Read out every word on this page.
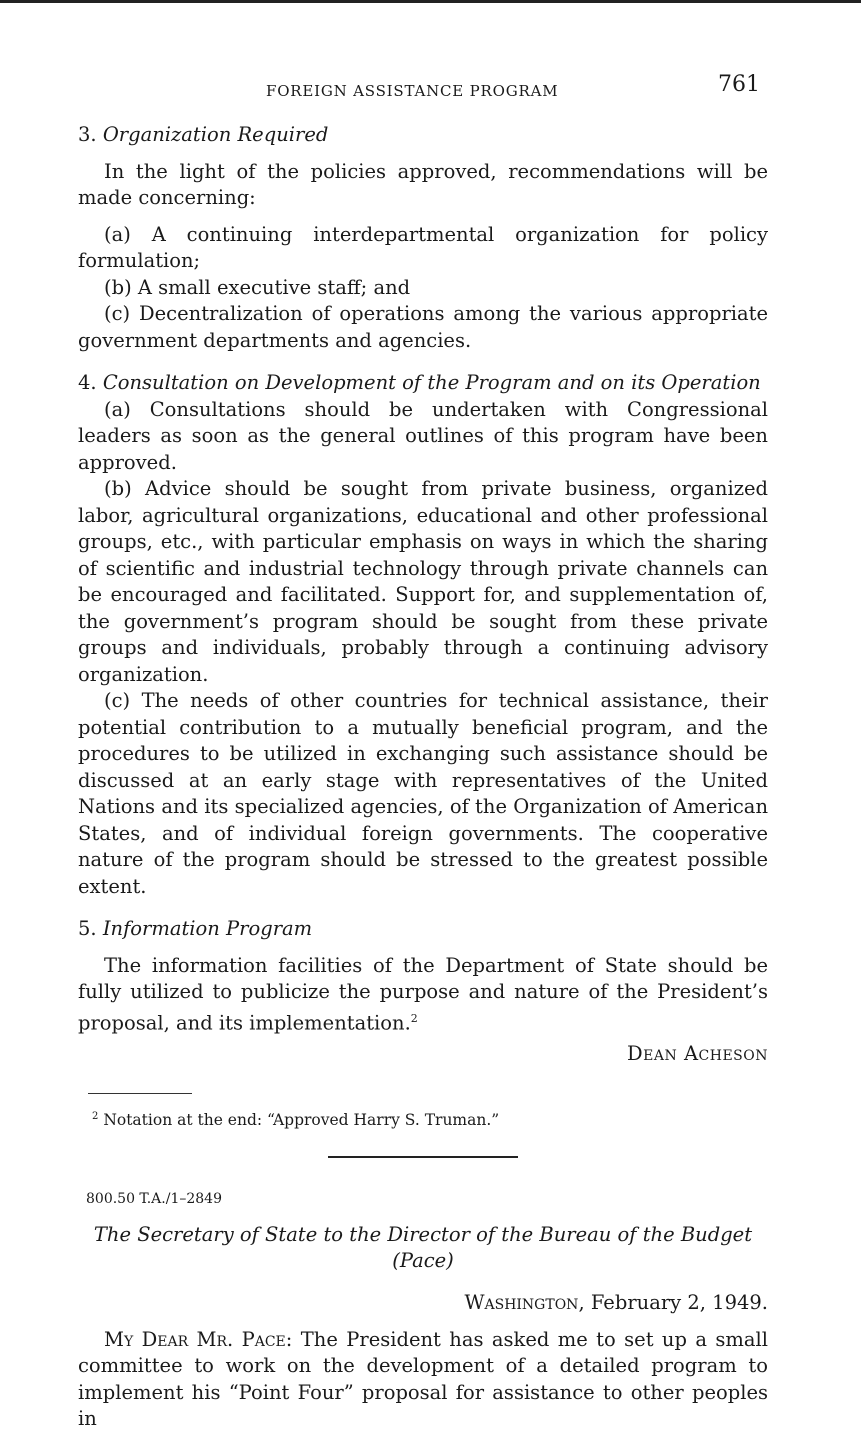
FOREIGN ASSISTANCE PROGRAM	761
3. Organization Required

In the light of the policies approved, recommendations will be made concerning:

(a) A continuing interdepartmental organization for policy formulation;

(b) A small executive staff; and

(c) Decentralization of operations among the various appropriate government departments and agencies.

4. Consultation on Development of the Program and on its Operation

(a) Consultations should be undertaken with Congressional leaders as soon as the general outlines of this program have been approved.

(b) Advice should be sought from private business, organized labor, agricultural organizations, educational and other professional groups, etc., with particular emphasis on ways in which the sharing of scientific and industrial technology through private channels can be encouraged and facilitated. Support for, and supplementation of, the government’s program should be sought from these private groups and individuals, probably through a continuing advisory organization.

(c) The needs of other countries for technical assistance, their potential contribution to a mutually beneficial program, and the procedures to be utilized in exchanging such assistance should be discussed at an early stage with representatives of the United Nations and its specialized agencies, of the Organization of American States, and of individual foreign governments. The cooperative nature of the program should be stressed to the greatest possible extent.

5. Information Program

The information facilities of the Department of State should be fully utilized to publicize the purpose and nature of the President’s proposal, and its implementation.$^2$

Dean Acheson
$^2$ Notation at the end: “Approved Harry S. Truman.”
800.50 T.A./1–2849
The Secretary of State to the Director of the Bureau of the Budget
(Pace)
Washington, February 2, 1949.

My Dear Mr. Pace: The President has asked me to set up a small committee to work on the development of a detailed program to implement his “Point Four” proposal for assistance to other peoples in
